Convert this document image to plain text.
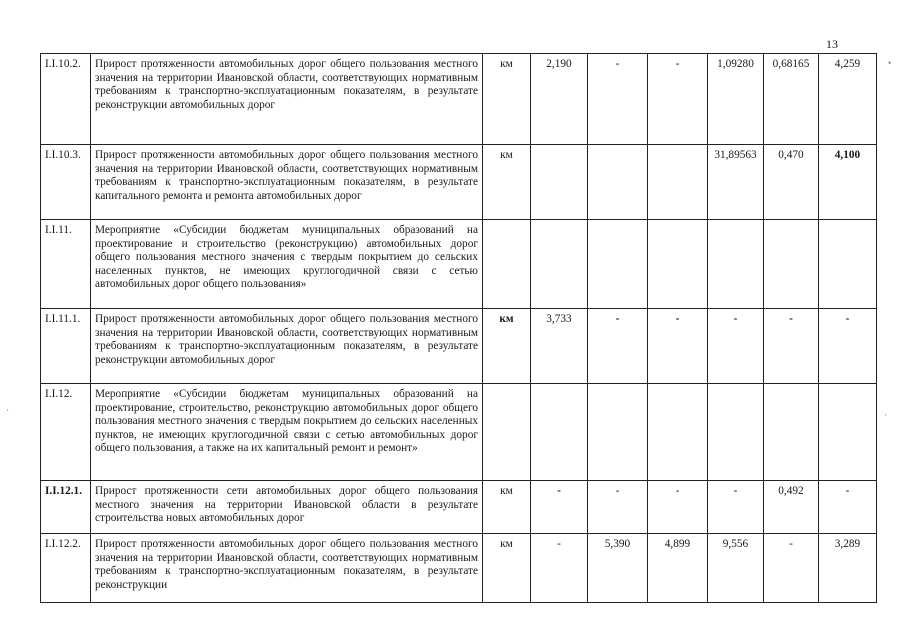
13
•
·
·
I.I.10.2.	Прирост протяженности автомобильных дорог общего пользования местного значения на территории Ивановской области, соответствующих нормативным требованиям к транспортно-эксплуатационным показателям, в результате реконструкции автомобильных дорог	км	2,190	-	-	1,09280	0,68165	4,259
I.I.10.3.	Прирост протяженности автомобильных дорог общего пользования местного значения на территории Ивановской области, соответствующих нормативным требованиям к транспортно-эксплуатационным показателям, в результате капитального ремонта и ремонта автомобильных дорог	км				31,89563	0,470	4,100
I.I.11.	Мероприятие «Субсидии бюджетам муниципальных образований на проектирование и строительство (реконструкцию) автомобильных дорог общего пользования местного значения с твердым покрытием до сельских населенных пунктов, не имеющих круглогодичной связи с сетью автомобильных дорог общего пользования»							
I.I.11.1.	Прирост протяженности автомобильных дорог общего пользования местного значения на территории Ивановской области, соответствующих нормативным требованиям к транспортно-эксплуатационным показателям, в результате реконструкции автомобильных дорог	км	3,733	-	-	-	-	-
I.I.12.	Мероприятие «Субсидии бюджетам муниципальных образований на проектирование, строительство, реконструкцию автомобильных дорог общего пользования местного значения с твердым покрытием до сельских населенных пунктов, не имеющих круглогодичной связи с сетью автомобильных дорог общего пользования, а также на их капитальный ремонт и ремонт»							
I.I.12.1.	Прирост протяженности сети автомобильных дорог общего пользования местного значения на территории Ивановской области в результате строительства новых автомобильных дорог	км	-	-	-	-	0,492	-
I.I.12.2.	Прирост протяженности автомобильных дорог общего пользования местного значения на территории Ивановской области, соответствующих нормативным требованиям к транспортно-эксплуатационным показателям, в результате реконструкции	км	-	5,390	4,899	9,556	-	3,289
